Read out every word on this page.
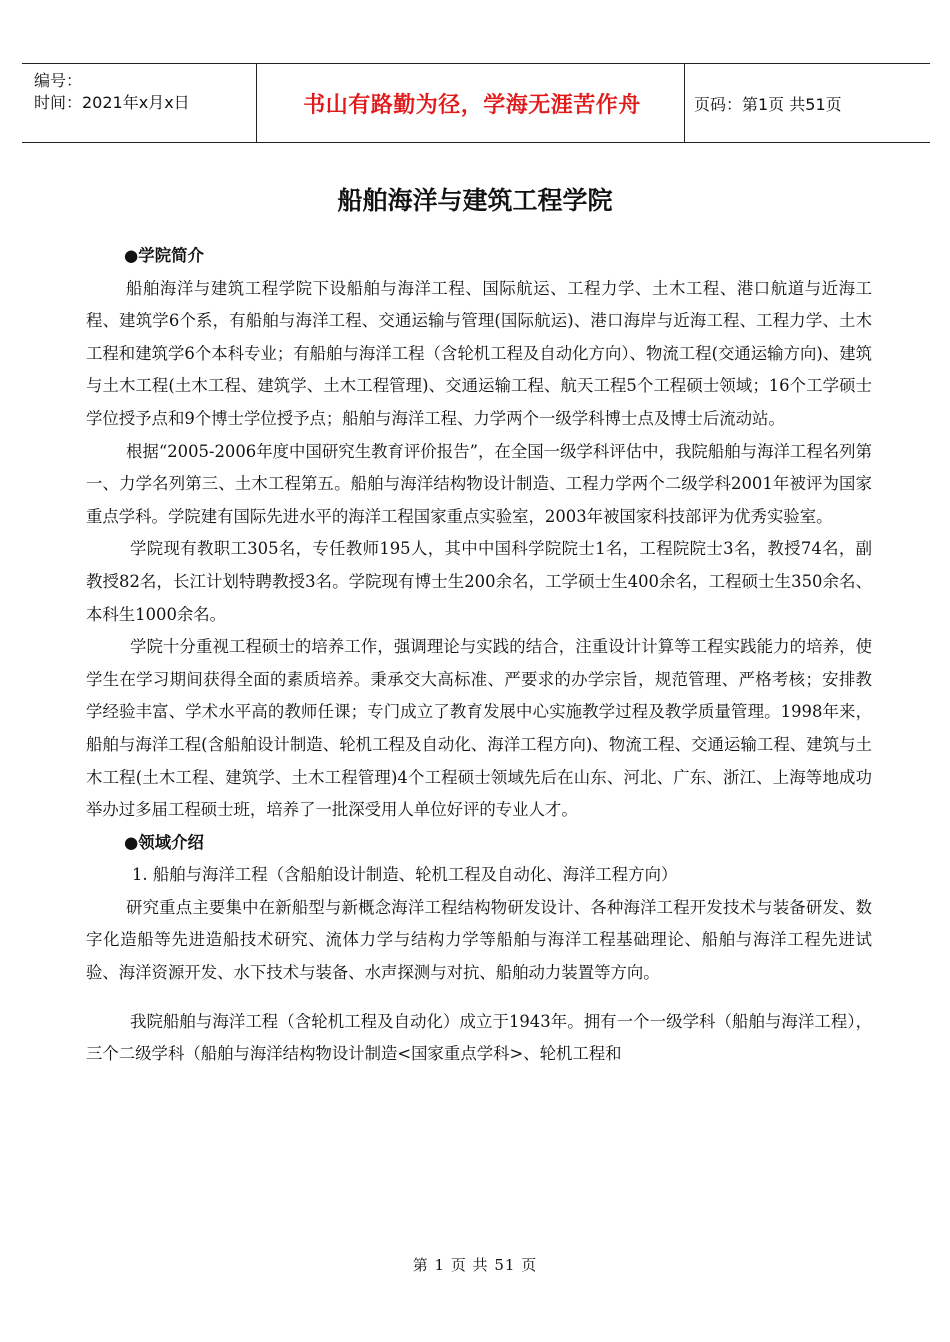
编号：
时间：2021年x月x日	书山有路勤为径，学海无涯苦作舟	页码：第1页 共51页
船舶海洋与建筑工程学院

●学院简介

船舶海洋与建筑工程学院下设船舶与海洋工程、国际航运、工程力学、土木工程、港口航道与近海工程、建筑学6个系，有船舶与海洋工程、交通运输与管理(国际航运)、港口海岸与近海工程、工程力学、土木工程和建筑学6个本科专业；有船舶与海洋工程（含轮机工程及自动化方向）、物流工程(交通运输方向)、建筑与土木工程(土木工程、建筑学、土木工程管理)、交通运输工程、航天工程5个工程硕士领域；16个工学硕士学位授予点和9个博士学位授予点；船舶与海洋工程、力学两个一级学科博士点及博士后流动站。

根据“2005-2006年度中国研究生教育评价报告”，在全国一级学科评估中，我院船舶与海洋工程名列第一、力学名列第三、土木工程第五。船舶与海洋结构物设计制造、工程力学两个二级学科2001年被评为国家重点学科。学院建有国际先进水平的海洋工程国家重点实验室，2003年被国家科技部评为优秀实验室。

学院现有教职工305名，专任教师195人，其中中国科学院院士1名，工程院院士3名，教授74名，副教授82名，长江计划特聘教授3名。学院现有博士生200余名，工学硕士生400余名，工程硕士生350余名、本科生1000余名。

学院十分重视工程硕士的培养工作，强调理论与实践的结合，注重设计计算等工程实践能力的培养，使学生在学习期间获得全面的素质培养。秉承交大高标准、严要求的办学宗旨，规范管理、严格考核；安排教学经验丰富、学术水平高的教师任课；专门成立了教育发展中心实施教学过程及教学质量管理。1998年来，船舶与海洋工程(含船舶设计制造、轮机工程及自动化、海洋工程方向)、物流工程、交通运输工程、建筑与土木工程(土木工程、建筑学、土木工程管理)4个工程硕士领域先后在山东、河北、广东、浙江、上海等地成功举办过多届工程硕士班，培养了一批深受用人单位好评的专业人才。

●领域介绍

1. 船舶与海洋工程（含船舶设计制造、轮机工程及自动化、海洋工程方向）

研究重点主要集中在新船型与新概念海洋工程结构物研发设计、各种海洋工程开发技术与装备研发、数字化造船等先进造船技术研究、流体力学与结构力学等船舶与海洋工程基础理论、船舶与海洋工程先进试验、海洋资源开发、水下技术与装备、水声探测与对抗、船舶动力装置等方向。

我院船舶与海洋工程（含轮机工程及自动化）成立于1943年。拥有一个一级学科（船舶与海洋工程），三个二级学科（船舶与海洋结构物设计制造<国家重点学科>、轮机工程和

第 1 页 共 51 页
